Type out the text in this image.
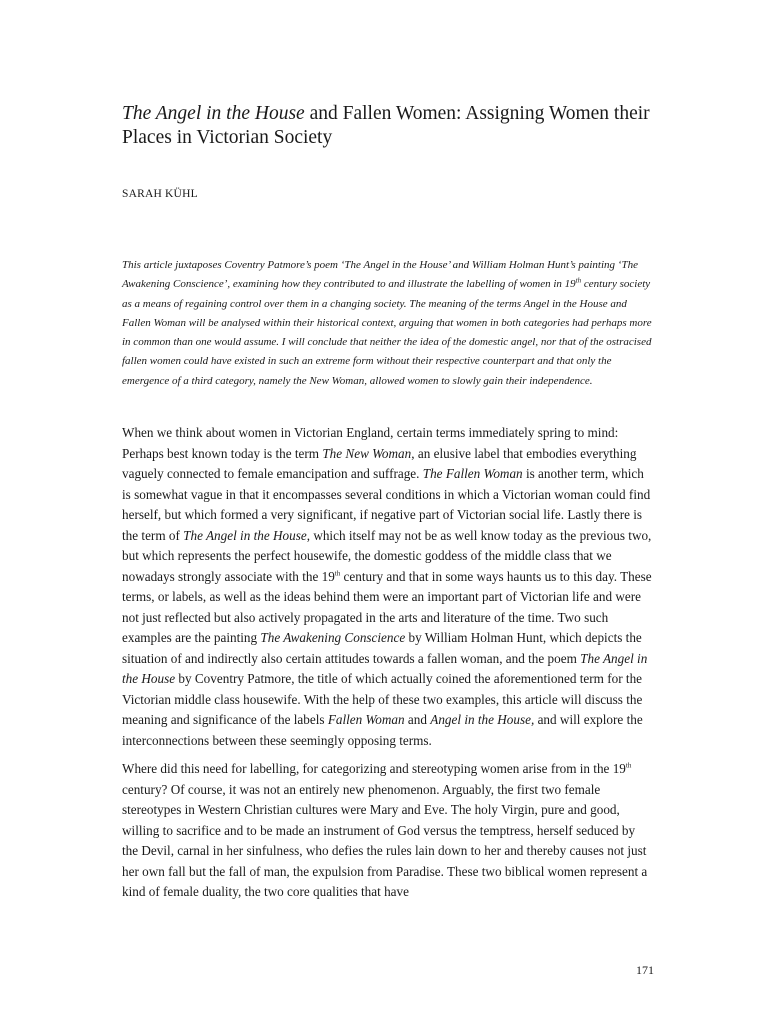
The Angel in the House and Fallen Women: Assigning Women their Places in Victorian Society
SARAH KÜHL

This article juxtaposes Coventry Patmore’s poem ‘The Angel in the House’ and William Holman Hunt’s painting ‘The Awakening Conscience’, examining how they contributed to and illustrate the labelling of women in 19th century society as a means of regaining control over them in a changing society. The meaning of the terms Angel in the House and Fallen Woman will be analysed within their historical context, arguing that women in both categories had perhaps more in common than one would assume. I will conclude that neither the idea of the domestic angel, nor that of the ostracised fallen women could have existed in such an extreme form without their respective counterpart and that only the emergence of a third category, namely the New Woman, allowed women to slowly gain their independence.

When we think about women in Victorian England, certain terms immediately spring to mind: Perhaps best known today is the term The New Woman, an elusive label that embodies everything vaguely connected to female emancipation and suffrage. The Fallen Woman is another term, which is somewhat vague in that it encompasses several conditions in which a Victorian woman could find herself, but which formed a very significant, if negative part of Victorian social life. Lastly there is the term of The Angel in the House, which itself may not be as well know today as the previous two, but which represents the perfect housewife, the domestic goddess of the middle class that we nowadays strongly associate with the 19th century and that in some ways haunts us to this day. These terms, or labels, as well as the ideas behind them were an important part of Victorian life and were not just reflected but also actively propagated in the arts and literature of the time. Two such examples are the painting The Awakening Conscience by William Holman Hunt, which depicts the situation of and indirectly also certain attitudes towards a fallen woman, and the poem The Angel in the House by Coventry Patmore, the title of which actually coined the aforementioned term for the Victorian middle class housewife. With the help of these two examples, this article will discuss the meaning and significance of the labels Fallen Woman and Angel in the House, and will explore the interconnections between these seemingly opposing terms.

Where did this need for labelling, for categorizing and stereotyping women arise from in the 19th century? Of course, it was not an entirely new phenomenon. Arguably, the first two female stereotypes in Western Christian cultures were Mary and Eve. The holy Virgin, pure and good, willing to sacrifice and to be made an instrument of God versus the temptress, herself seduced by the Devil, carnal in her sinfulness, who defies the rules lain down to her and thereby causes not just her own fall but the fall of man, the expulsion from Paradise. These two biblical women represent a kind of female duality, the two core qualities that have

171
